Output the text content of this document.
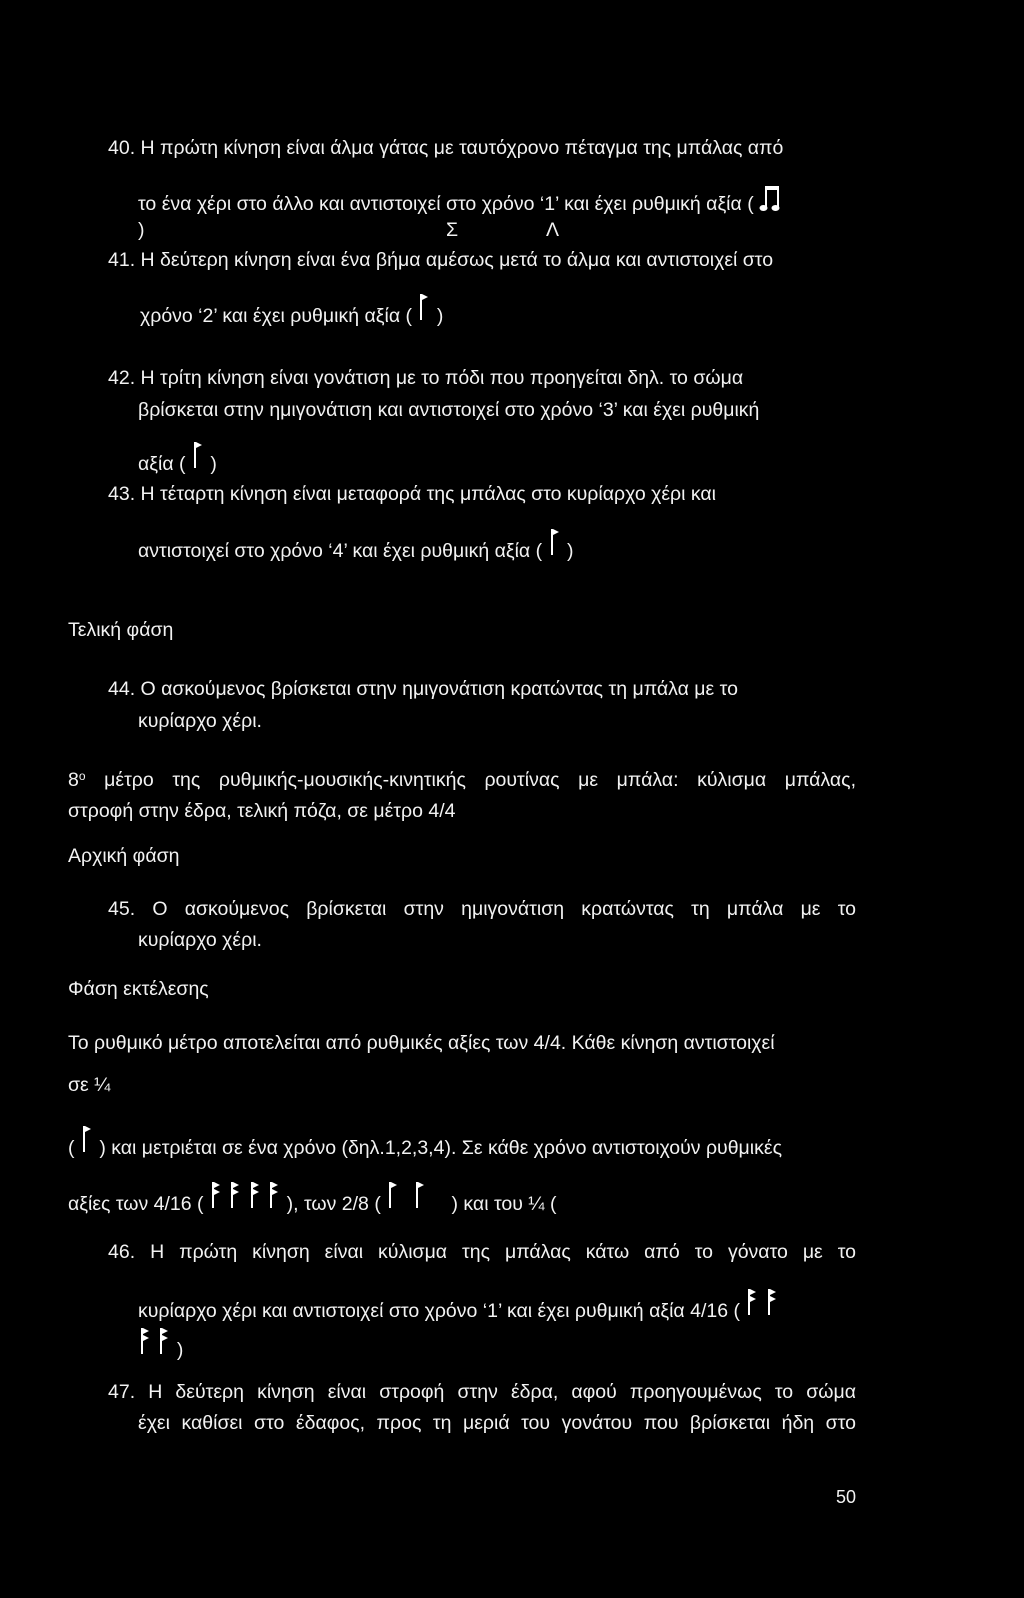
40. Η πρώτη κίνηση είναι άλμα γάτας με ταυτόχρονο πέταγμα της μπάλας από
το ένα χέρι στο άλλο και αντιστοιχεί στο χρόνο ‘1’ και έχει ρυθμική αξία (
)	Σ	Λ
41. Η δεύτερη κίνηση είναι ένα βήμα αμέσως μετά το άλμα και αντιστοιχεί στο
χρόνο ‘2’ και έχει ρυθμική αξία ( )
42. Η τρίτη κίνηση είναι γονάτιση με το πόδι που προηγείται δηλ. το σώμα
βρίσκεται στην ημιγονάτιση και αντιστοιχεί στο χρόνο ‘3’ και έχει ρυθμική
αξία ( )
43. Η τέταρτη κίνηση είναι μεταφορά της μπάλας στο κυρίαρχο χέρι και
αντιστοιχεί στο χρόνο ‘4’ και έχει ρυθμική αξία ( )
Τελική φάση
44. Ο ασκούμενος βρίσκεται στην ημιγονάτιση κρατώντας τη μπάλα με το
κυρίαρχο χέρι.
$8^o$ μέτρο της ρυθμικής-μουσικής-κινητικής ρουτίνας με μπάλα: κύλισμα μπάλας,
στροφή στην έδρα, τελική πόζα, σε μέτρο 4/4
Αρχική φάση
45. Ο ασκούμενος βρίσκεται στην ημιγονάτιση κρατώντας τη μπάλα με το
κυρίαρχο χέρι.
Φάση εκτέλεσης
Το ρυθμικό μέτρο αποτελείται από ρυθμικές αξίες των 4/4. Κάθε κίνηση αντιστοιχεί
σε ¼
( ) και μετριέται σε ένα χρόνο (δηλ.1,2,3,4). Σε κάθε χρόνο αντιστοιχούν ρυθμικές
αξίες των 4/16 (

	), των 2/8 (
	) και του ¼ (
46. Η πρώτη κίνηση είναι κύλισμα της μπάλας κάτω από το γόνατο με το
κυρίαρχο χέρι και αντιστοιχεί στο χρόνο ‘1’ και έχει ρυθμική αξία 4/16 (

)
47. Η δεύτερη κίνηση είναι στροφή στην έδρα, αφού προηγουμένως το σώμα
έχει καθίσει στο έδαφος, προς τη μεριά του γονάτου που βρίσκεται ήδη στο
50
